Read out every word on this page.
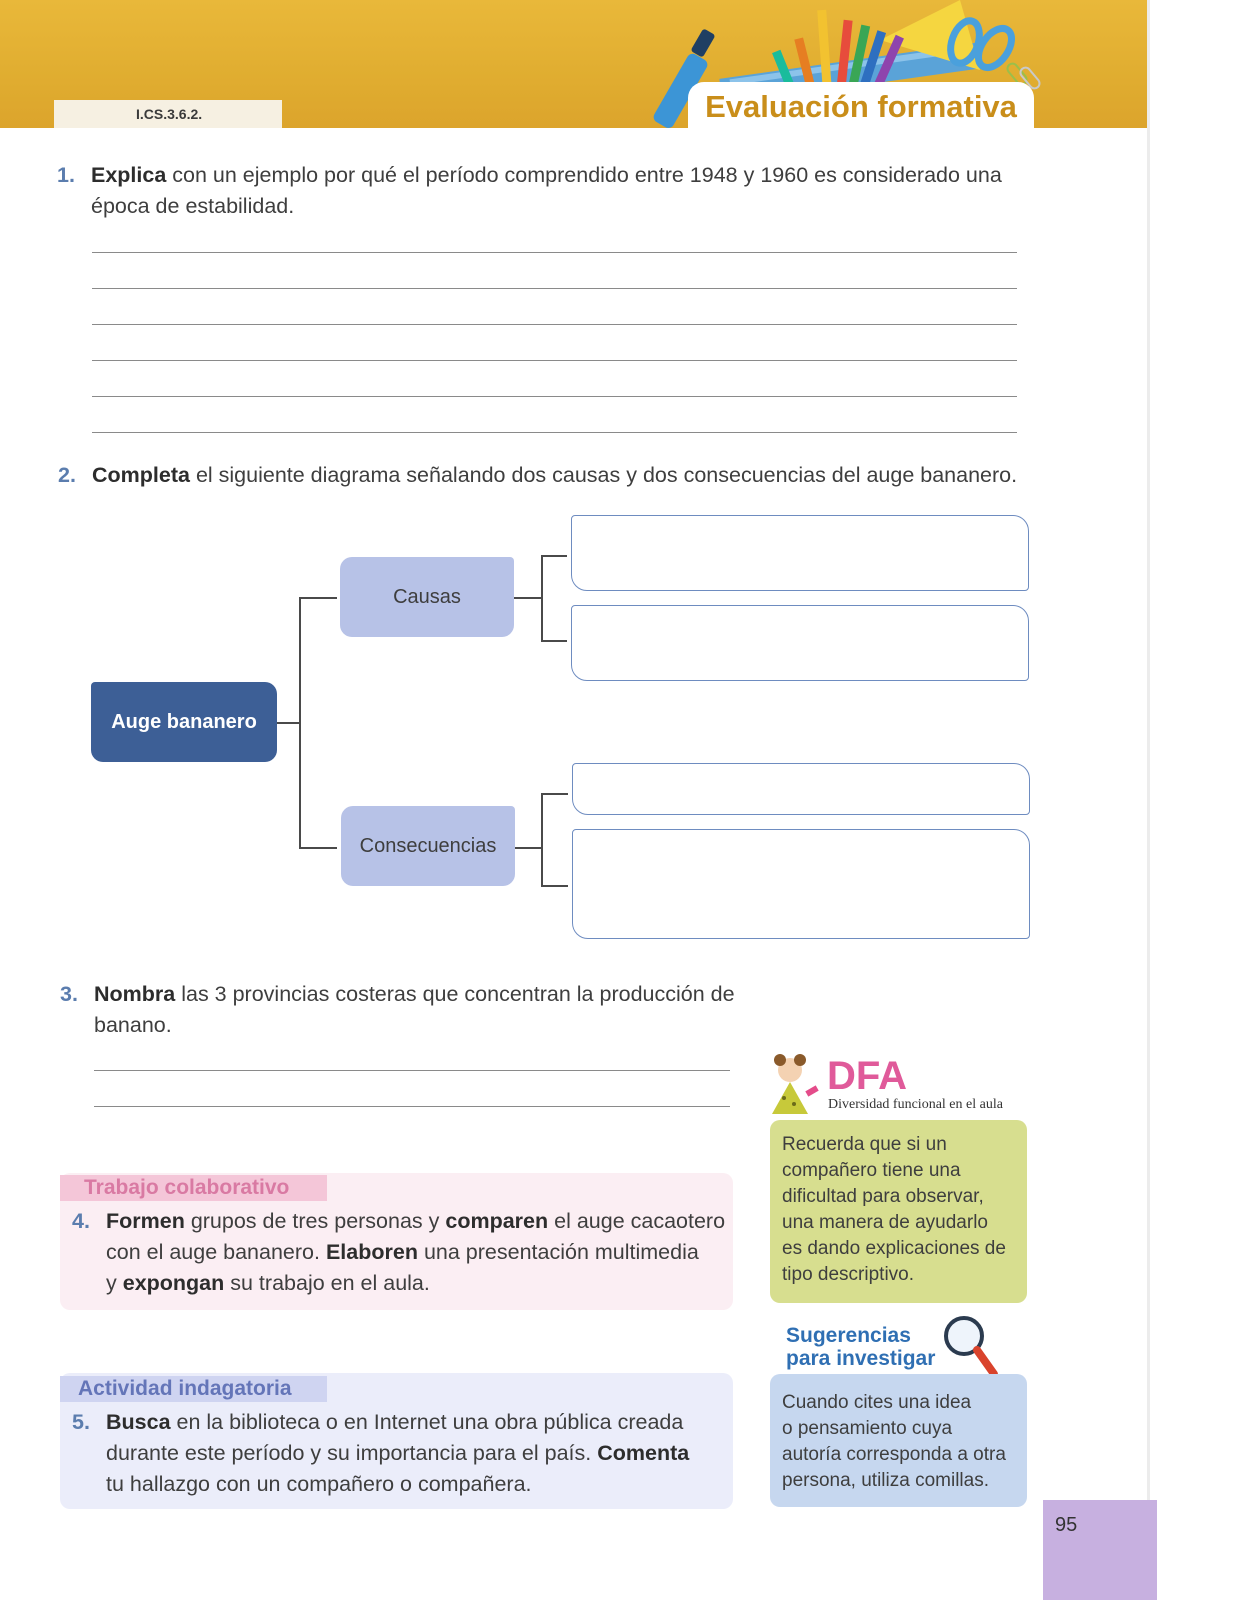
I.CS.3.6.2.	Evaluación formativa
1. Explica con un ejemplo por qué el período comprendido entre 1948 y 1960 es considerado una
época de estabilidad.
2. Completa el siguiente diagrama señalando dos causas y dos consecuencias del auge bananero.
Auge bananero
Causas
Consecuencias
3. Nombra las 3 provincias costeras que concentran la producción de
banano.
Trabajo colaborativo
4. Formen grupos de tres personas y comparen el auge cacaotero
con el auge bananero. Elaboren una presentación multimedia
y expongan su trabajo en el aula.
Actividad indagatoria
5. Busca en la biblioteca o en Internet una obra pública creada
durante este período y su importancia para el país. Comenta
tu hallazgo con un compañero o compañera.
DFA
Diversidad funcional en el aula
Recuerda que si un
compañero tiene una
dificultad para observar,
una manera de ayudarlo
es dando explicaciones de
tipo descriptivo.
Sugerencias
para investigar
Cuando cites una idea
o pensamiento cuya
autoría corresponda a otra
persona, utiliza comillas.
95
